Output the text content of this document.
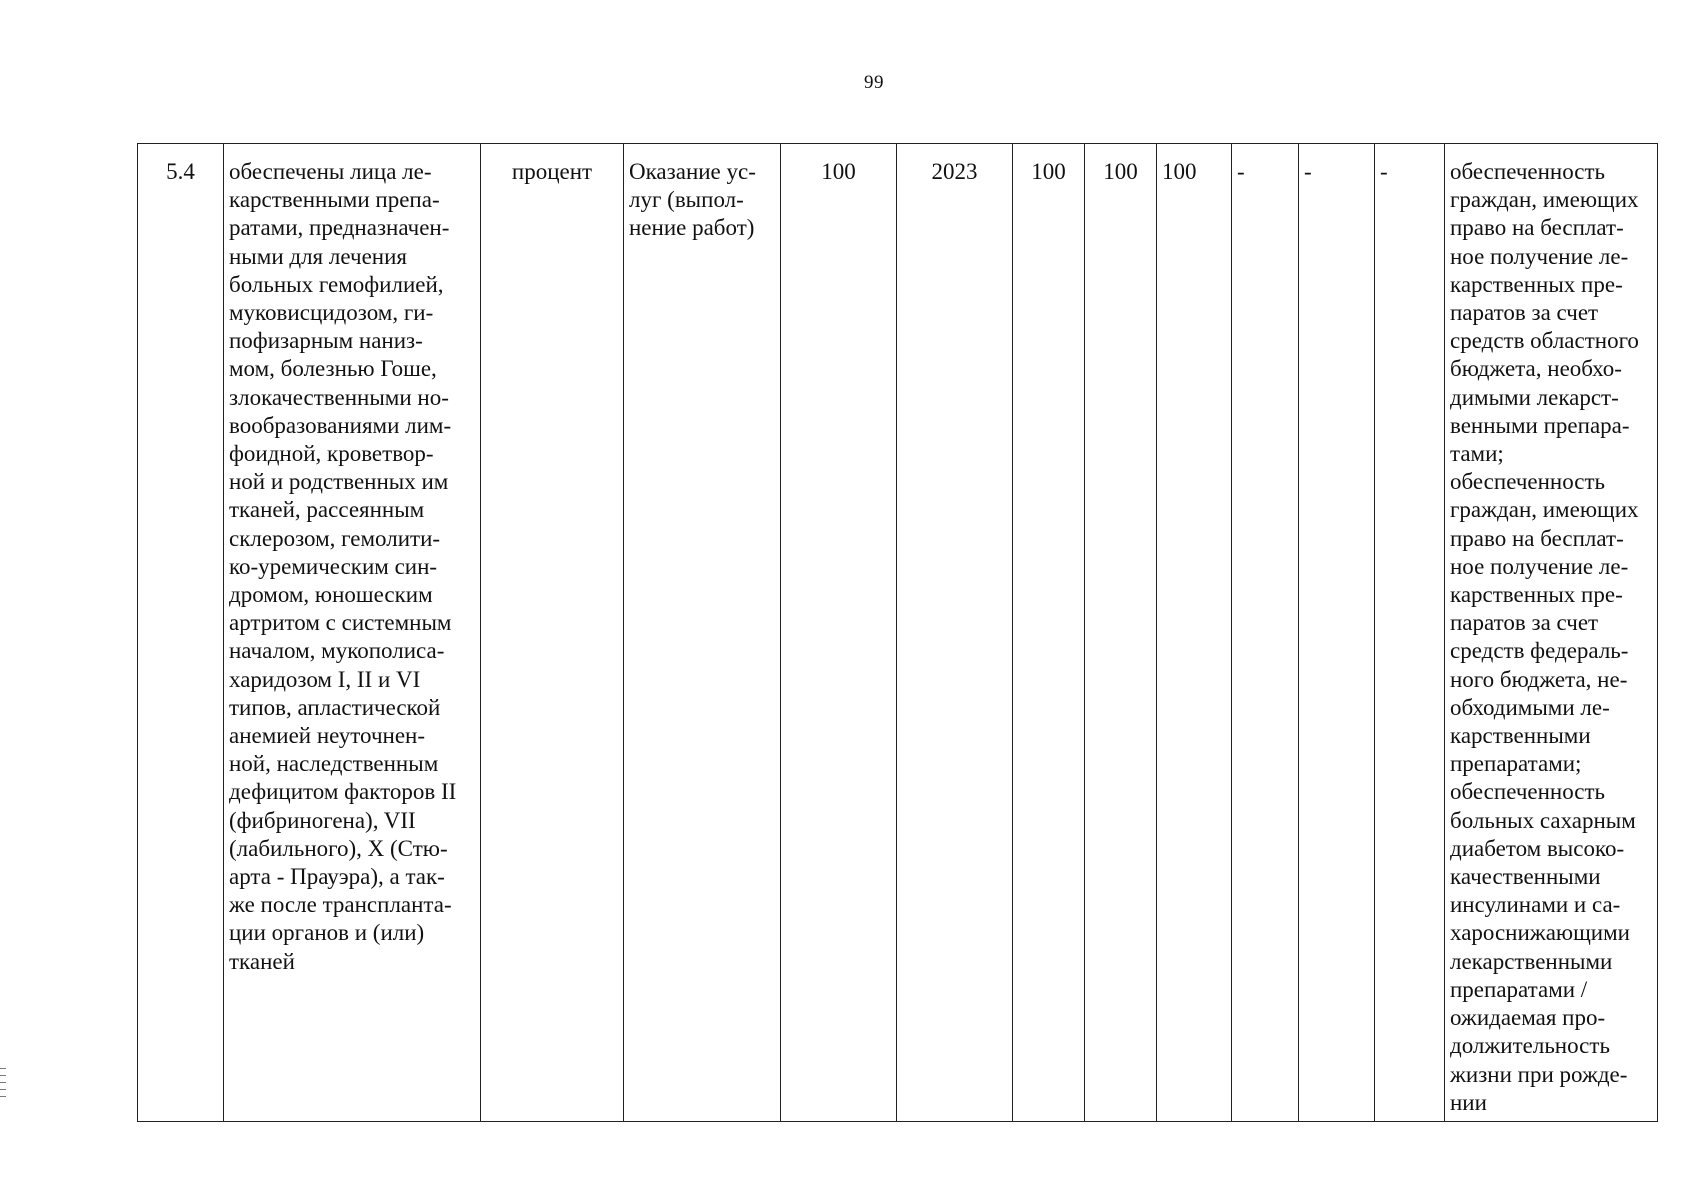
99
5.4	обеспечены лица ле-
карственными препа-
ратами, предназначен-
ными для лечения
больных гемофилией,
муковисцидозом, ги-
пофизарным наниз-
мом, болезнью Гоше,
злокачественными но-
вообразованиями лим-
фоидной, кроветвор-
ной и родственных им
тканей, рассеянным
склерозом, гемолити-
ко-уремическим син-
дромом, юношеским
артритом с системным
началом, мукополиса-
харидозом I, II и VI
типов, апластической
анемией неуточнен-
ной, наследственным
дефицитом факторов II
(фибриногена), VII
(лабильного), X (Стю-
арта - Прауэра), а так-
же после транспланта-
ции органов и (или)
тканей	процент	Оказание ус-
луг (выпол-
нение работ)	100	2023	100	100	100	-	-	-	обеспеченность
граждан, имеющих
право на бесплат-
ное получение ле-
карственных пре-
паратов за счет
средств областного
бюджета, необхо-
димыми лекарст-
венными препара-
тами;
обеспеченность
граждан, имеющих
право на бесплат-
ное получение ле-
карственных пре-
паратов за счет
средств федераль-
ного бюджета, не-
обходимыми ле-
карственными
препаратами;
обеспеченность
больных сахарным
диабетом высоко-
качественными
инсулинами и са-
хароснижающими
лекарственными
препаратами /
ожидаемая про-
должительность
жизни при рожде-
нии
